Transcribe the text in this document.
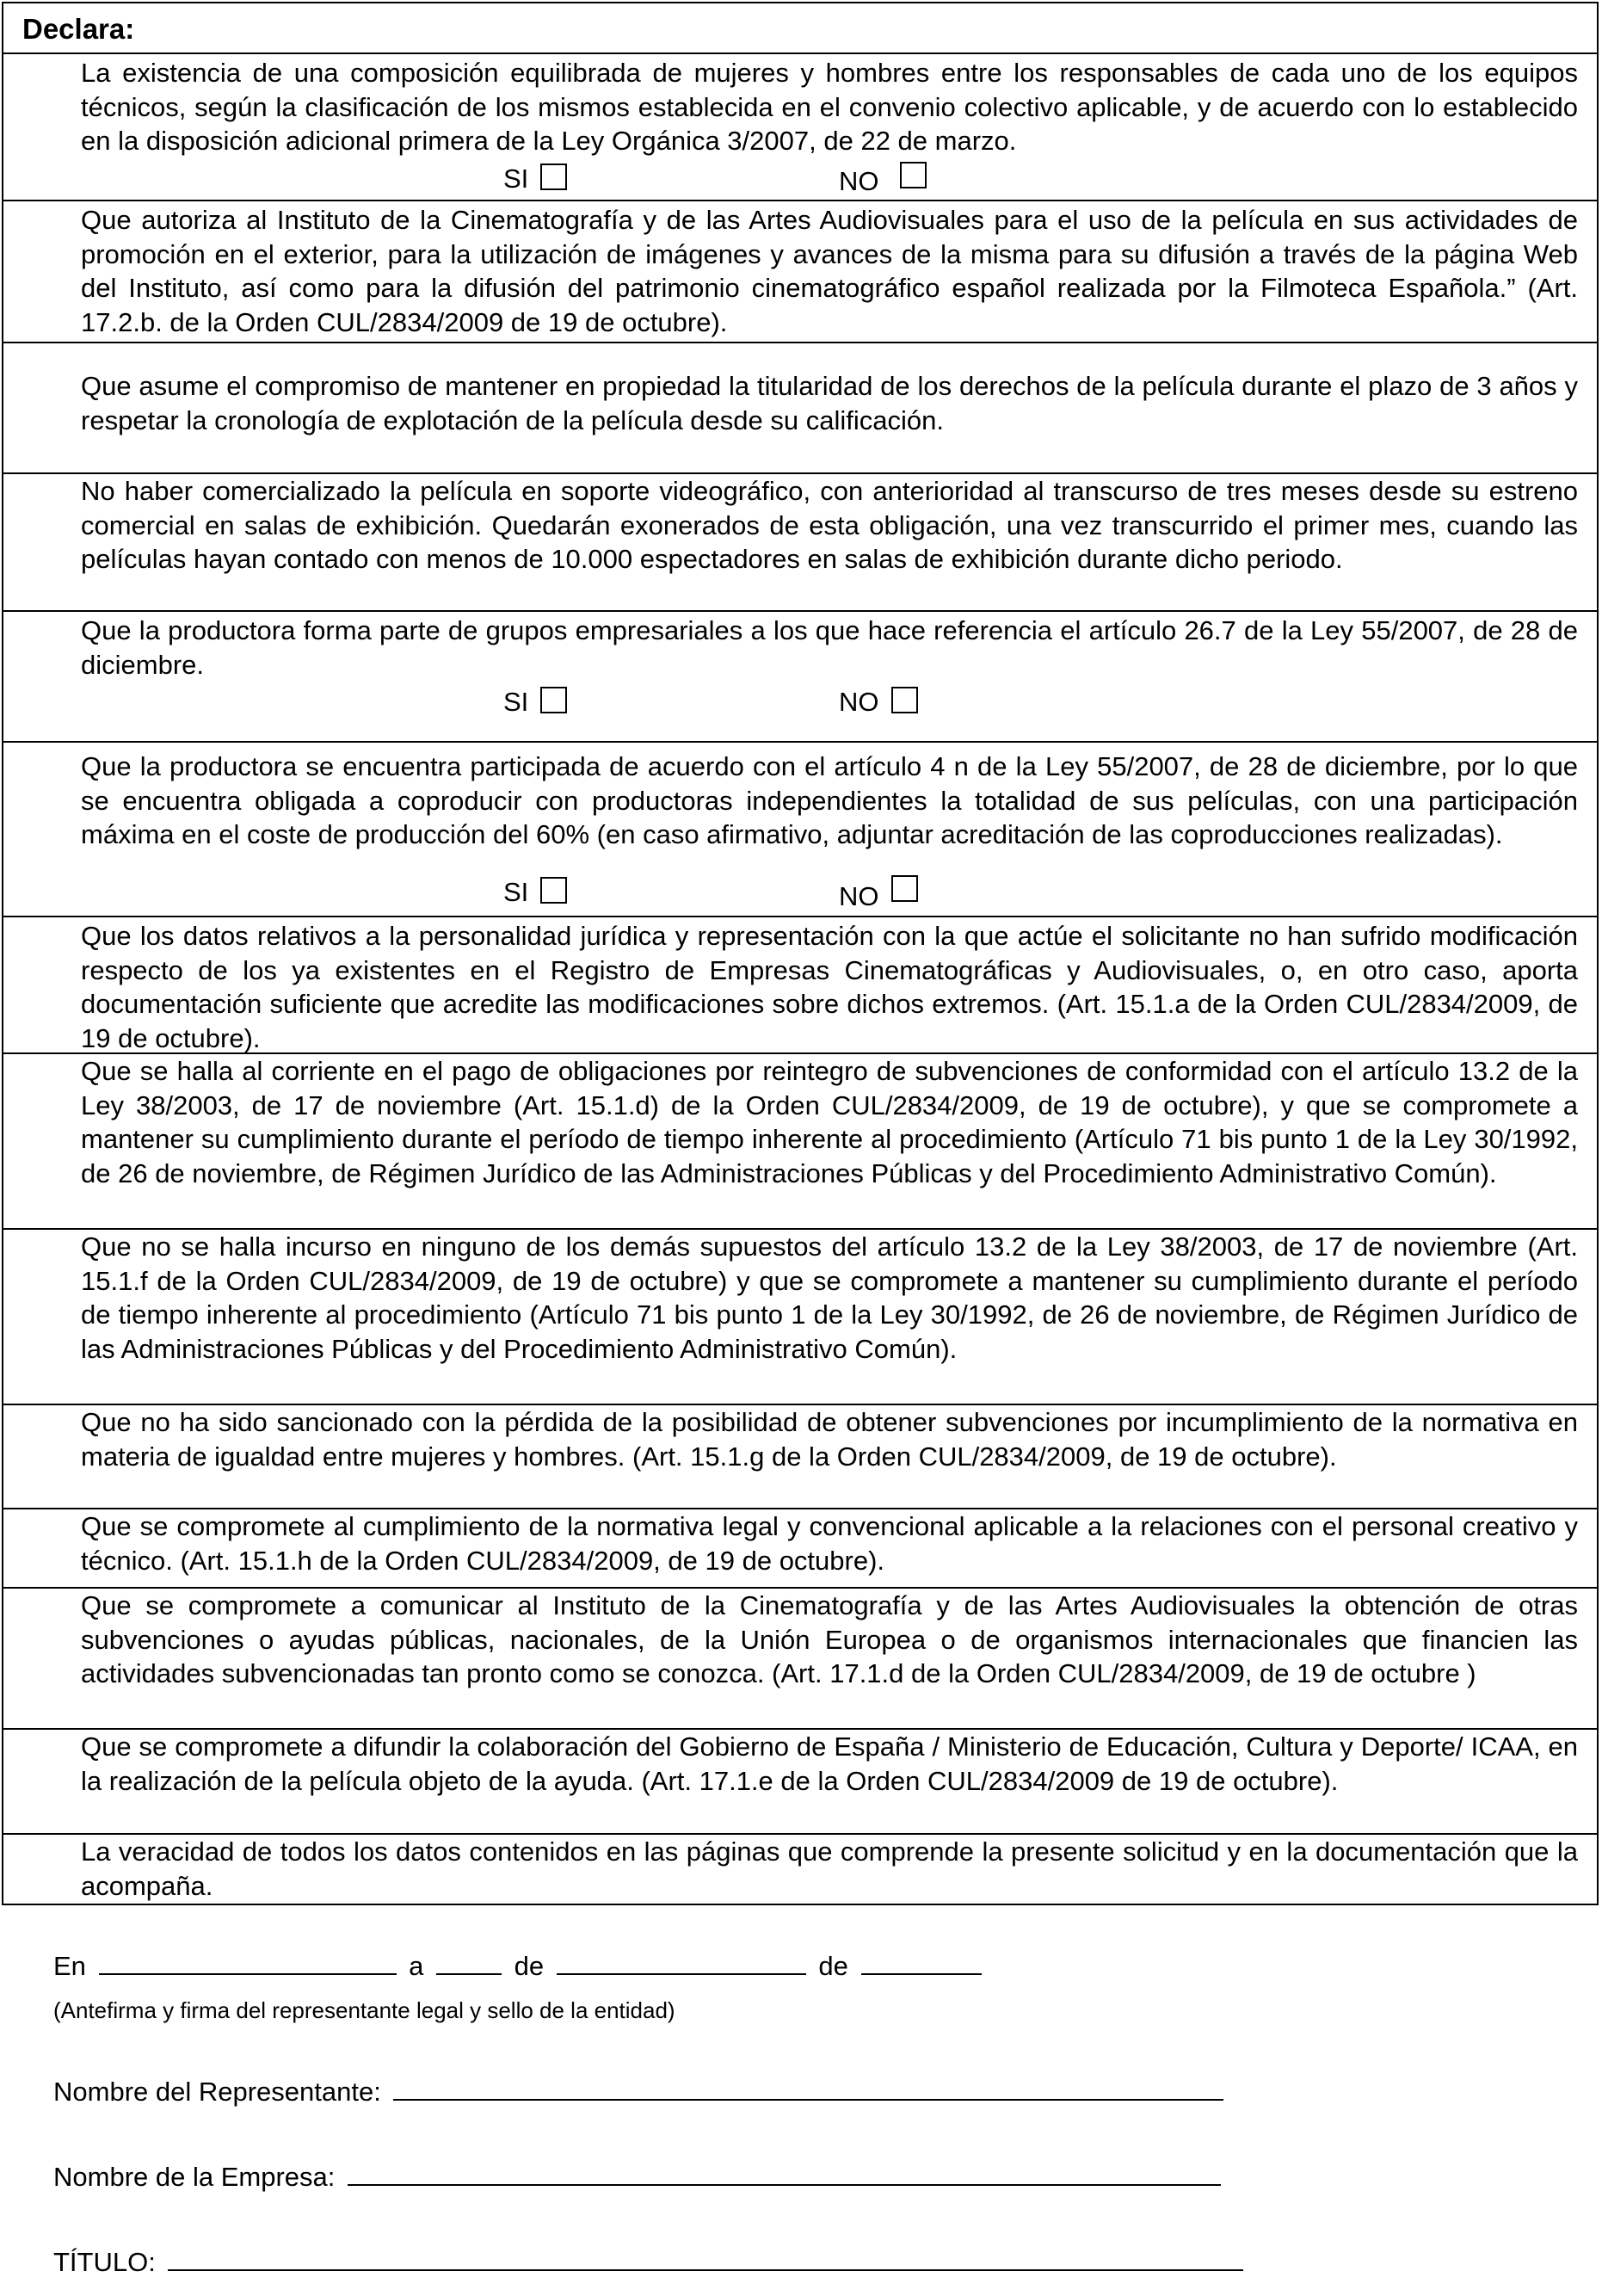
Declara:
La existencia de una composición equilibrada de mujeres y hombres entre los responsables de cada uno de los equipos técnicos, según la clasificación de los mismos establecida en el convenio colectivo aplicable, y de acuerdo con lo establecido en la disposición adicional primera de la Ley Orgánica 3/2007, de 22 de marzo.
SI	NO
Que autoriza al Instituto de la Cinematografía y de las Artes Audiovisuales para el uso de la película en sus actividades de promoción en el exterior, para la utilización de imágenes y avances de la misma para su difusión a través de la página Web del Instituto, así como para la difusión del patrimonio cinematográfico español realizada por la Filmoteca Española.” (Art. 17.2.b. de la Orden CUL/2834/2009 de 19 de octubre).
Que asume el compromiso de mantener en propiedad la titularidad de los derechos de la película durante el plazo de 3 años y respetar la cronología de explotación de la película desde su calificación.
No haber comercializado la película en soporte videográfico, con anterioridad al transcurso de tres meses desde su estreno comercial en salas de exhibición. Quedarán exonerados de esta obligación, una vez transcurrido el primer mes, cuando las películas hayan contado con menos de 10.000 espectadores en salas de exhibición durante dicho periodo.
Que la productora forma parte de grupos empresariales a los que hace referencia el artículo 26.7 de la Ley 55/2007, de 28 de diciembre.
SI	NO
Que la productora se encuentra participada de acuerdo con el artículo 4 n de la Ley 55/2007, de 28 de diciembre, por lo que se encuentra obligada a coproducir con productoras independientes la totalidad de sus películas, con una participación máxima en el coste de producción del 60% (en caso afirmativo, adjuntar acreditación de las coproducciones realizadas).
SI	NO
Que los datos relativos a la personalidad jurídica y representación con la que actúe el solicitante no han sufrido modificación respecto de los ya existentes en el Registro de Empresas Cinematográficas y Audiovisuales, o, en otro caso, aporta documentación suficiente que acredite las modificaciones sobre dichos extremos. (Art. 15.1.a de la Orden CUL/2834/2009, de 19 de octubre).
Que se halla al corriente en el pago de obligaciones por reintegro de subvenciones de conformidad con el artículo 13.2 de la Ley 38/2003, de 17 de noviembre (Art. 15.1.d) de la Orden CUL/2834/2009, de 19 de octubre), y que se compromete a mantener su cumplimiento durante el período de tiempo inherente al procedimiento (Artículo 71 bis punto 1 de la Ley 30/1992, de 26 de noviembre, de Régimen Jurídico de las Administraciones Públicas y del Procedimiento Administrativo Común).
Que no se halla incurso en ninguno de los demás supuestos del artículo 13.2 de la Ley 38/2003, de 17 de noviembre (Art. 15.1.f de la Orden CUL/2834/2009, de 19 de octubre) y que se compromete a mantener su cumplimiento durante el período de tiempo inherente al procedimiento (Artículo 71 bis punto 1 de la Ley 30/1992, de 26 de noviembre, de Régimen Jurídico de las Administraciones Públicas y del Procedimiento Administrativo Común).
Que no ha sido sancionado con la pérdida de la posibilidad de obtener subvenciones por incumplimiento de la normativa en materia de igualdad entre mujeres y hombres. (Art. 15.1.g de la Orden CUL/2834/2009, de 19 de octubre).
Que se compromete al cumplimiento de la normativa legal y convencional aplicable a la relaciones con el personal creativo y técnico. (Art. 15.1.h de la Orden CUL/2834/2009, de 19 de octubre).
Que se compromete a comunicar al Instituto de la Cinematografía y de las Artes Audiovisuales la obtención de otras subvenciones o ayudas públicas, nacionales, de la Unión Europea o de organismos internacionales que financien las actividades subvencionadas tan pronto como se conozca. (Art. 17.1.d de la Orden CUL/2834/2009, de 19 de octubre )
Que se compromete a difundir la colaboración del Gobierno de España / Ministerio de Educación, Cultura y Deporte/ ICAA, en la realización de la película objeto de la ayuda. (Art. 17.1.e de la Orden CUL/2834/2009 de 19 de octubre).
La veracidad de todos los datos contenidos en las páginas que comprende la presente solicitud y en la documentación que la acompaña.
En	a	de	de
(Antefirma y firma del representante legal y sello de la entidad)
Nombre del Representante:
Nombre de la Empresa:
TÍTULO:
